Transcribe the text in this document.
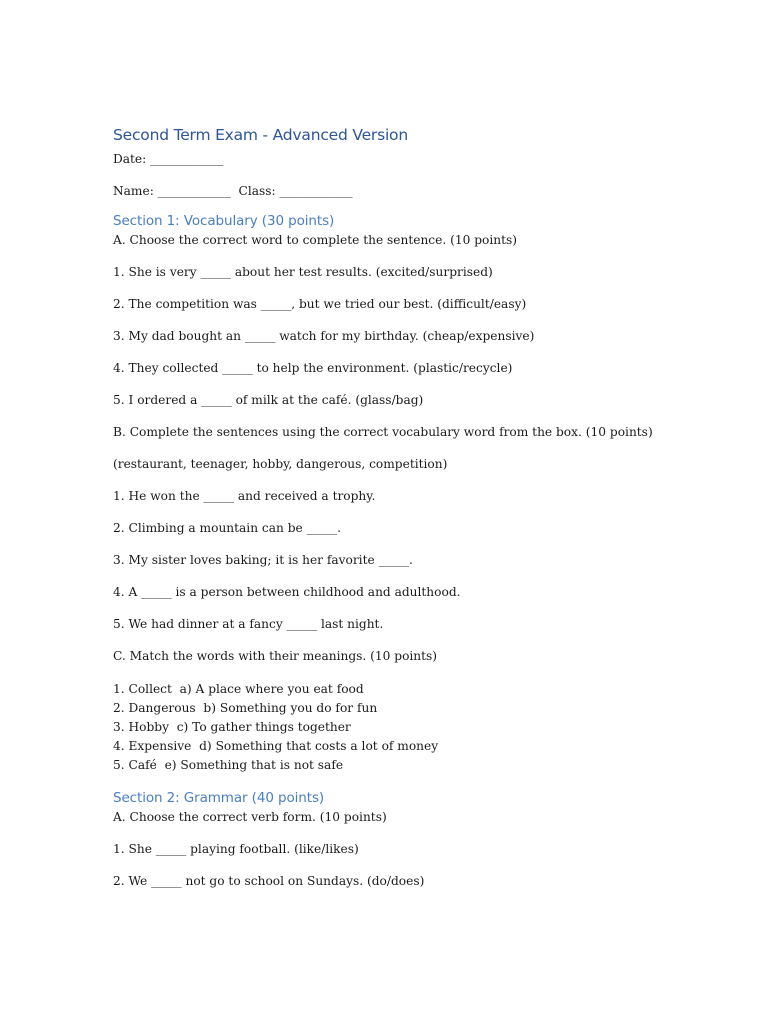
Second Term Exam - Advanced Version
Date: ____________
Name: ____________  Class: ____________
Section 1: Vocabulary (30 points)
A. Choose the correct word to complete the sentence. (10 points)
1. She is very _____ about her test results. (excited/surprised)
2. The competition was _____, but we tried our best. (difficult/easy)
3. My dad bought an _____ watch for my birthday. (cheap/expensive)
4. They collected _____ to help the environment. (plastic/recycle)
5. I ordered a _____ of milk at the café. (glass/bag)
B. Complete the sentences using the correct vocabulary word from the box. (10 points)
(restaurant, teenager, hobby, dangerous, competition)
1. He won the _____ and received a trophy.
2. Climbing a mountain can be _____.
3. My sister loves baking; it is her favorite _____.
4. A _____ is a person between childhood and adulthood.
5. We had dinner at a fancy _____ last night.
C. Match the words with their meanings. (10 points)
1. Collect  a) A place where you eat food
2. Dangerous  b) Something you do for fun
3. Hobby  c) To gather things together
4. Expensive  d) Something that costs a lot of money
5. Café  e) Something that is not safe
Section 2: Grammar (40 points)
A. Choose the correct verb form. (10 points)
1. She _____ playing football. (like/likes)
2. We _____ not go to school on Sundays. (do/does)
